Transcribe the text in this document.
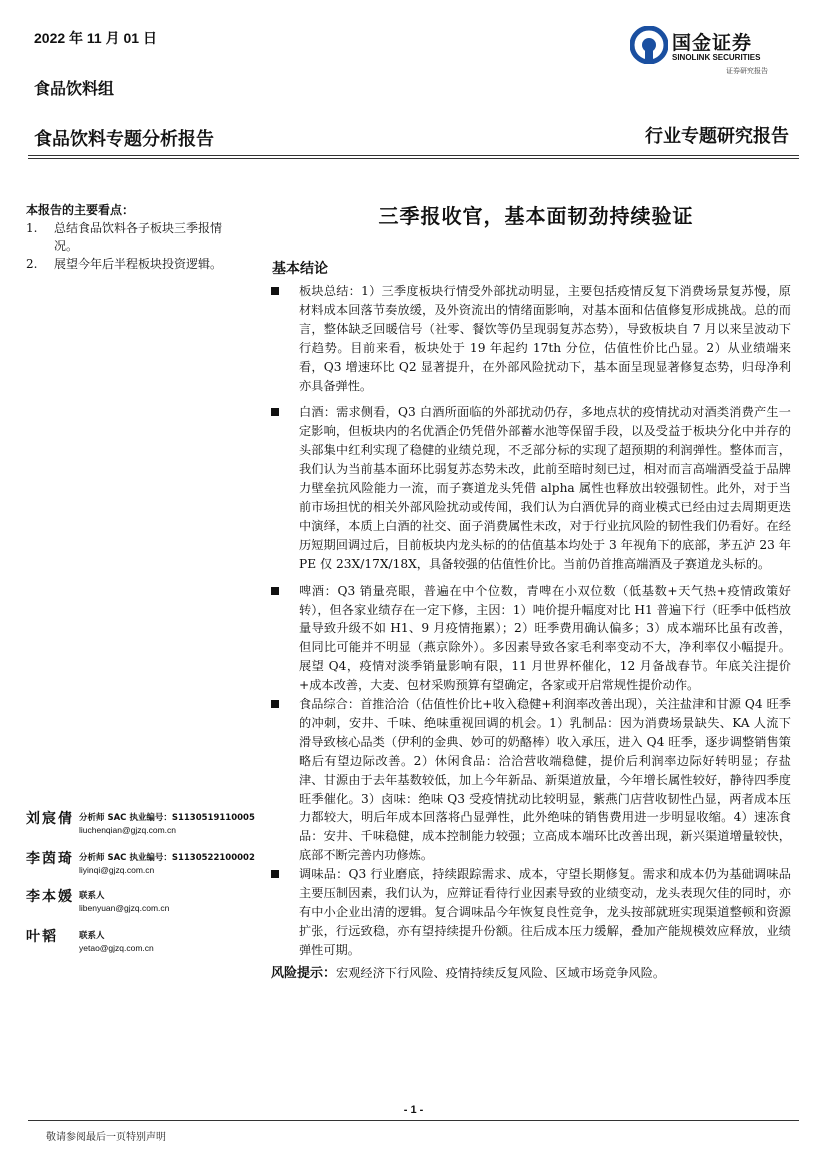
2022 年 11 月 01 日
食品饮料组
食品饮料专题分析报告	行业专题研究报告
国金证券
SINOLINK SECURITIES
证券研究报告
本报告的主要看点：
1. 总结食品饮料各子板块三季报情况。
2. 展望今年后半程板块投资逻辑。
三季报收官，基本面韧劲持续验证
基本结论

板块总结：1）三季度板块行情受外部扰动明显，主要包括疫情反复下消费场景复苏慢，原材料成本回落节奏放缓，及外资流出的情绪面影响，对基本面和估值修复形成挑战。总的而言，整体缺乏回暖信号（社零、餐饮等仍呈现弱复苏态势），导致板块自 7 月以来呈波动下行趋势。目前来看，板块处于 19 年起约 17th 分位，估值性价比凸显。2）从业绩端来看，Q3 增速环比 Q2 显著提升，在外部风险扰动下，基本面呈现显著修复态势，归母净利亦具备弹性。

白酒：需求侧看，Q3 白酒所面临的外部扰动仍存，多地点状的疫情扰动对酒类消费产生一定影响，但板块内的名优酒企仍凭借外部蓄水池等保留手段，以及受益于板块分化中并存的头部集中红利实现了稳健的业绩兑现，不乏部分标的实现了超预期的利润弹性。整体而言，我们认为当前基本面环比弱复苏态势未改，此前至暗时刻已过，相对而言高端酒受益于品牌力壁垒抗风险能力一流，而子赛道龙头凭借 alpha 属性也释放出较强韧性。此外，对于当前市场担忧的相关外部风险扰动或传闻，我们认为白酒优异的商业模式已经由过去周期更迭中演绎，本质上白酒的社交、面子消费属性未改，对于行业抗风险的韧性我们仍看好。在经历短期回调过后，目前板块内龙头标的的估值基本均处于 3 年视角下的底部，茅五泸 23 年 PE 仅 23X/17X/18X，具备较强的估值性价比。当前仍首推高端酒及子赛道龙头标的。

啤酒：Q3 销量亮眼，普遍在中个位数，青啤在小双位数（低基数+天气热+疫情政策好转），但各家业绩存在一定下修，主因：1）吨价提升幅度对比 H1 普遍下行（旺季中低档放量导致升级不如 H1、9 月疫情拖累）；2）旺季费用确认偏多；3）成本端环比虽有改善，但同比可能并不明显（燕京除外）。多因素导致各家毛利率变动不大，净利率仅小幅提升。展望 Q4，疫情对淡季销量影响有限，11 月世界杯催化，12 月备战春节。年底关注提价+成本改善，大麦、包材采购预算有望确定，各家或开启常规性提价动作。

食品综合：首推洽洽（估值性价比+收入稳健+利润率改善出现），关注盐津和甘源 Q4 旺季的冲刺，安井、千味、绝味重视回调的机会。1）乳制品：因为消费场景缺失、KA 人流下滑导致核心品类（伊利的金典、妙可的奶酪棒）收入承压，进入 Q4 旺季，逐步调整销售策略后有望边际改善。2）休闲食品：洽洽营收端稳健，提价后利润率边际好转明显；存盐津、甘源由于去年基数较低，加上今年新品、新渠道放量，今年增长属性较好，静待四季度旺季催化。3）卤味：绝味 Q3 受疫情扰动比较明显，紫燕门店营收韧性凸显，两者成本压力都较大，明后年成本回落将凸显弹性，此外绝味的销售费用进一步明显收缩。4）速冻食品：安井、千味稳健，成本控制能力较强；立高成本端环比改善出现，新兴渠道增量较快，底部不断完善内功修炼。

调味品：Q3 行业磨底，持续跟踪需求、成本，守望长期修复。需求和成本仍为基础调味品主要压制因素，我们认为，应辩证看待行业因素导致的业绩变动，龙头表现欠佳的同时，亦有中小企业出清的逻辑。复合调味品今年恢复良性竞争，龙头按部就班实现渠道整顿和资源扩张，行远致稳，亦有望持续提升份额。往后成本压力缓解，叠加产能规模效应释放，业绩弹性可期。

风险提示：宏观经济下行风险、疫情持续反复风险、区域市场竞争风险。
刘宸倩 分析师 SAC 执业编号：S1130519110005
liuchenqian@gjzq.com.cn
李茵琦 分析师 SAC 执业编号：S1130522100002
liyinqi@gjzq.com.cn
李本媛 联系人
libenyuan@gjzq.com.cn
叶韬 联系人
yetao@gjzq.com.cn
- 1 -
敬请参阅最后一页特别声明
